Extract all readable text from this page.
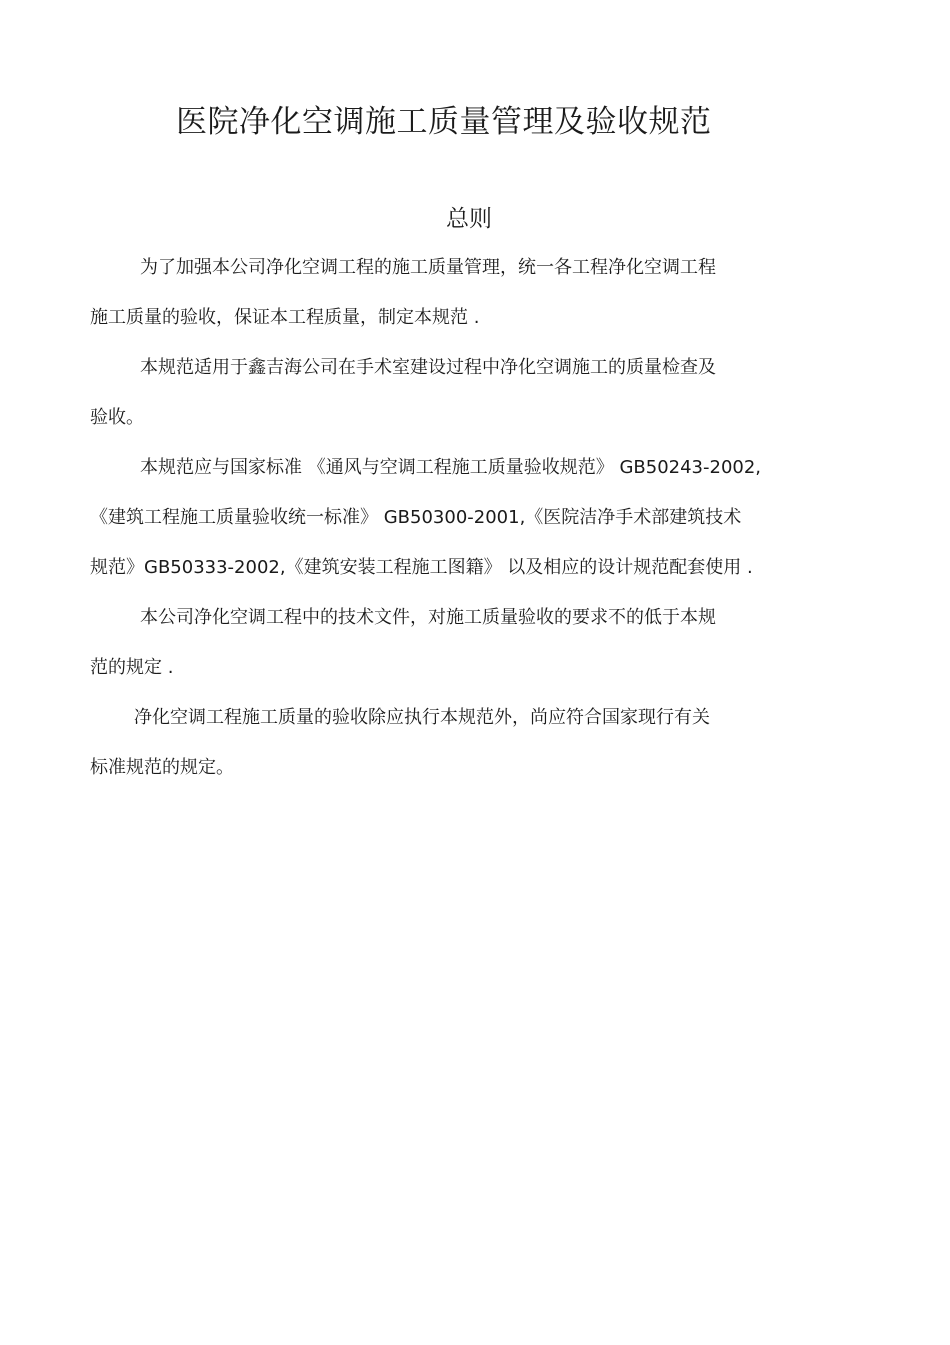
医院净化空调施工质量管理及验收规范
总则
为了加强本公司净化空调工程的施工质量管理，统一各工程净化空调工程
施工质量的验收，保证本工程质量，制定本规范 .
本规范适用于鑫吉海公司在手术室建设过程中净化空调施工的质量检查及
验收。
本规范应与国家标准 《通风与空调工程施工质量验收规范》 GB50243-2002,
《建筑工程施工质量验收统一标准》 GB50300-2001,《医院洁净手术部建筑技术
规范》GB50333-2002,《建筑安装工程施工图籍》 以及相应的设计规范配套使用 .
本公司净化空调工程中的技术文件，对施工质量验收的要求不的低于本规
范的规定 .
净化空调工程施工质量的验收除应执行本规范外，尚应符合国家现行有关
标准规范的规定。
